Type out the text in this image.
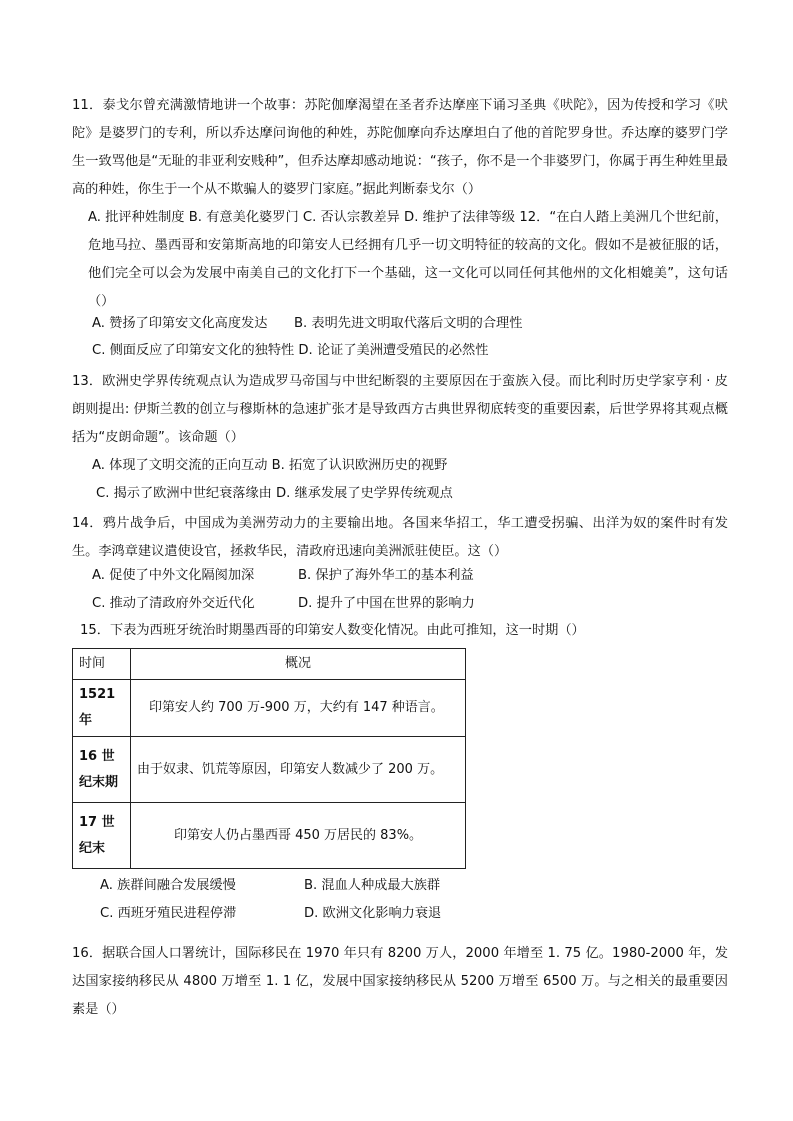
11．泰戈尔曾充满激情地讲一个故事：苏陀伽摩渴望在圣者乔达摩座下诵习圣典《吠陀》，因为传授和学习《吠陀》是婆罗门的专利，所以乔达摩问询他的种姓，苏陀伽摩向乔达摩坦白了他的首陀罗身世。乔达摩的婆罗门学生一致骂他是“无耻的非亚利安贱种”，但乔达摩却感动地说：“孩子，你不是一个非婆罗门，你属于再生种姓里最高的种姓，你生于一个从不欺骗人的婆罗门家庭。”据此判断泰戈尔（）
A. 批评种姓制度 B. 有意美化婆罗门 C. 否认宗教差异 D. 维护了法律等级 12．“在白人踏上美洲几个世纪前，危地马拉、墨西哥和安第斯高地的印第安人已经拥有几乎一切文明特征的较高的文化。假如不是被征服的话，他们完全可以会为发展中南美自己的文化打下一个基础，这一文化可以同任何其他州的文化相媲美”，这句话（）
A. 赞扬了印第安文化高度发达 B. 表明先进文明取代落后文明的合理性
C. 侧面反应了印第安文化的独特性 D. 论证了美洲遭受殖民的必然性
13．欧洲史学界传统观点认为造成罗马帝国与中世纪断裂的主要原因在于蛮族入侵。而比利时历史学家亨利 · 皮朗则提出: 伊斯兰教的创立与穆斯林的急速扩张才是导致西方古典世界彻底转变的重要因素，后世学界将其观点概括为“皮朗命题”。该命题（）
A. 体现了文明交流的正向互动 B. 拓宽了认识欧洲历史的视野
C. 揭示了欧洲中世纪衰落缘由 D. 继承发展了史学界传统观点
14．鸦片战争后，中国成为美洲劳动力的主要输出地。各国来华招工，华工遭受拐骗、出洋为奴的案件时有发生。李鸿章建议遣使设官，拯救华民，清政府迅速向美洲派驻使臣。这（）
A. 促使了中外文化隔阂加深	B. 保护了海外华工的基本利益
C. 推动了清政府外交近代化	D. 提升了中国在世界的影响力
15．下表为西班牙统治时期墨西哥的印第安人数变化情况。由此可推知，这一时期（）
时间	概况
1521 年	印第安人约 700 万-900 万，大约有 147 种语言。
16 世纪末期	由于奴隶、饥荒等原因，印第安人数减少了 200 万。
17 世纪末	印第安人仍占墨西哥 450 万居民的 83%。
A. 族群间融合发展缓慢	B. 混血人种成最大族群
C. 西班牙殖民进程停滞	D. 欧洲文化影响力衰退
16．据联合国人口署统计，国际移民在 1970 年只有 8200 万人，2000 年增至 1. 75 亿。1980-2000 年，发达国家接纳移民从 4800 万增至 1. 1 亿，发展中国家接纳移民从 5200 万增至 6500 万。与之相关的最重要因素是（）
